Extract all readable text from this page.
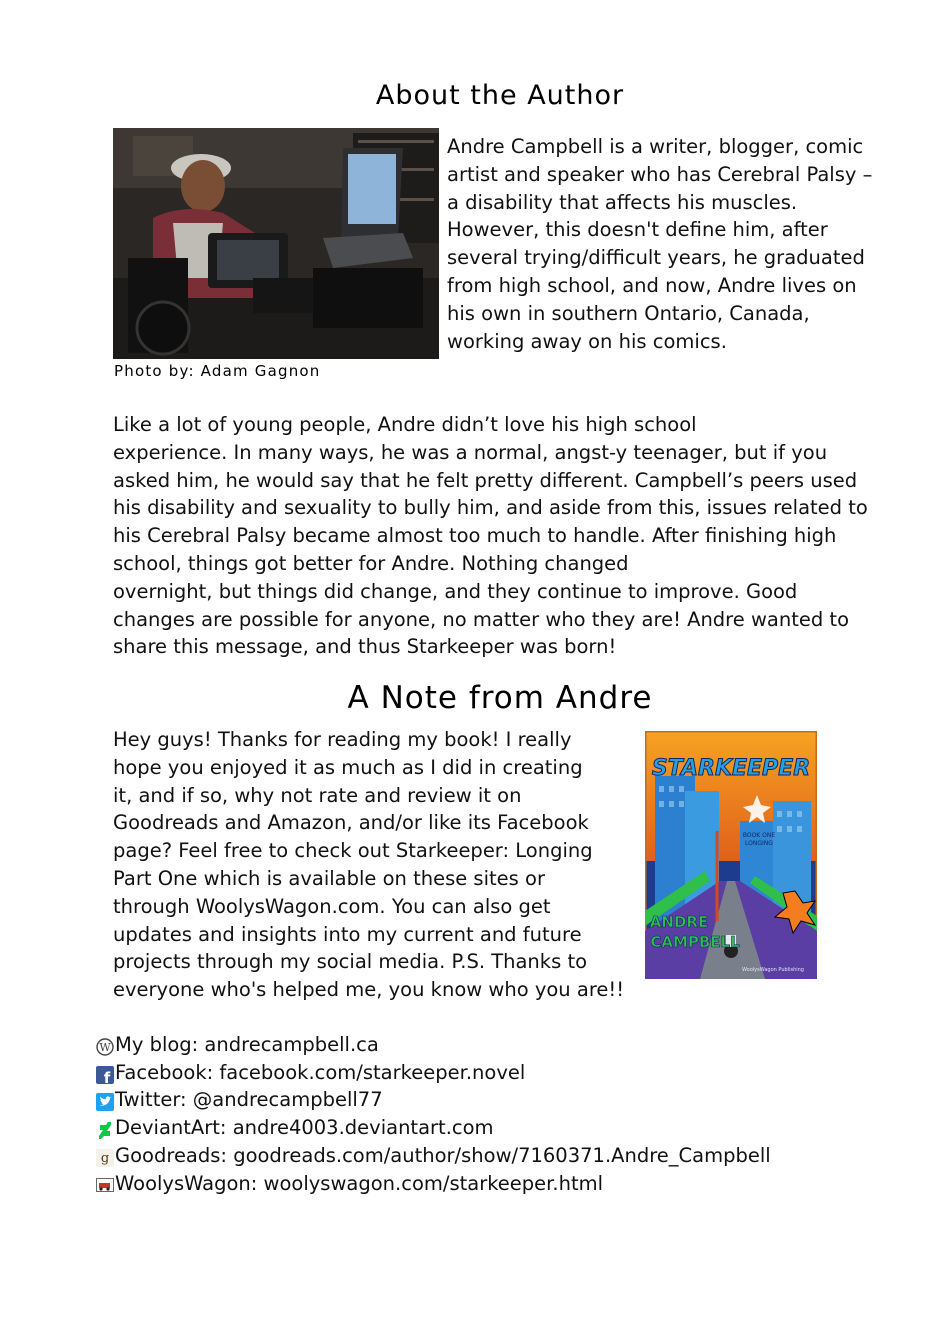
About the Author
Photo by: Adam Gagnon
Andre Campbell is a writer, blogger, comic artist and speaker who has Cerebral Palsy – a disability that affects his muscles. However, this doesn't define him, after several trying/difficult years, he graduated from high school, and now, Andre lives on his own in southern Ontario, Canada, working away on his comics.

Like a lot of young people, Andre didn’t love his high school

experience. In many ways, he was a normal, angst-y teenager, but if you

asked him, he would say that he felt pretty different. Campbell’s peers used

his disability and sexuality to bully him, and aside from this, issues related to

his Cerebral Palsy became almost too much to handle. After finishing high

school, things got better for Andre. Nothing changed

overnight, but things did change, and they continue to improve. Good

changes are possible for anyone, no matter who they are! Andre wanted to

share this message, and thus Starkeeper was born!

A Note from Andre
Hey guys! Thanks for reading my book! I really
hope you enjoyed it as much as I did in creating
it, and if so, why not rate and review it on
Goodreads and Amazon, and/or like its Facebook
page? Feel free to check out Starkeeper: Longing
Part One which is available on these sites or
through WoolysWagon.com. You can also get
updates and insights into my current and future
projects through my social media. P.S. Thanks to
everyone who's helped me, you know who you are!!
STARKEEPER
BOOK ONE
LONGING
ANDRE
CAMPBELL
WoolysWagon Publishing
W My blog: andrecampbell.ca
f Facebook: facebook.com/starkeeper.novel
Twitter: @andrecampbell77
DeviantArt: andre4003.deviantart.com
g Goodreads: goodreads.com/author/show/7160371.Andre_Campbell
WoolysWagon: woolyswagon.com/starkeeper.html
